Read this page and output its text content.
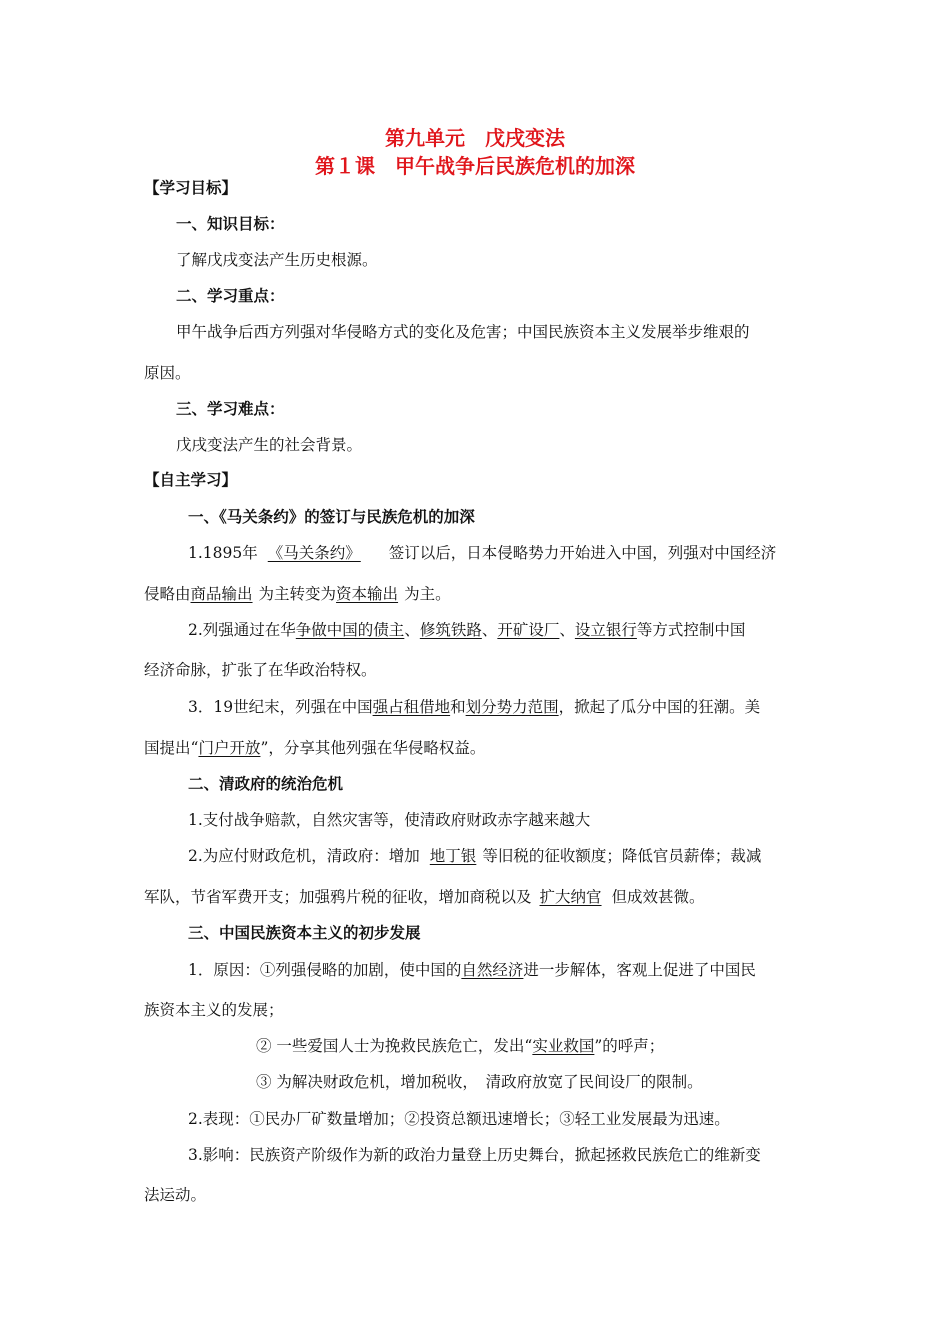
第九单元　戊戌变法
第１课　甲午战争后民族危机的加深
【学习目标】
一、知识目标：
了解戊戌变法产生历史根源。
二、学习重点：
甲午战争后西方列强对华侵略方式的变化及危害；中国民族资本主义发展举步维艰的
原因。
三、学习难点：
戊戌变法产生的社会背景。
【自主学习】
一、《马关条约》的签订与民族危机的加深
1.1895年 《马关条约》 签订以后，日本侵略势力开始进入中国，列强对中国经济
侵略由商品输出 为主转变为资本输出 为主。
2.列强通过在华争做中国的债主、修筑铁路、开矿设厂、设立银行等方式控制中国
经济命脉，扩张了在华政治特权。
3．19世纪末，列强在中国强占租借地和划分势力范围，掀起了瓜分中国的狂潮。美
国提出“门户开放”，分享其他列强在华侵略权益。
二、清政府的统治危机
1.支付战争赔款，自然灾害等，使清政府财政赤字越来越大
2.为应付财政危机，清政府：增加 地丁银 等旧税的征收额度；降低官员薪俸；裁减
军队，节省军费开支；加强鸦片税的征收，增加商税以及 扩大纳官 但成效甚微。
三、中国民族资本主义的初步发展
1．原因：①列强侵略的加剧，使中国的自然经济进一步解体，客观上促进了中国民
族资本主义的发展；
② 一些爱国人士为挽救民族危亡，发出“实业救国”的呼声；
③ 为解决财政危机，增加税收，　清政府放宽了民间设厂的限制。
2.表现：①民办厂矿数量增加；②投资总额迅速增长；③轻工业发展最为迅速。
3.影响：民族资产阶级作为新的政治力量登上历史舞台，掀起拯救民族危亡的维新变
法运动。
